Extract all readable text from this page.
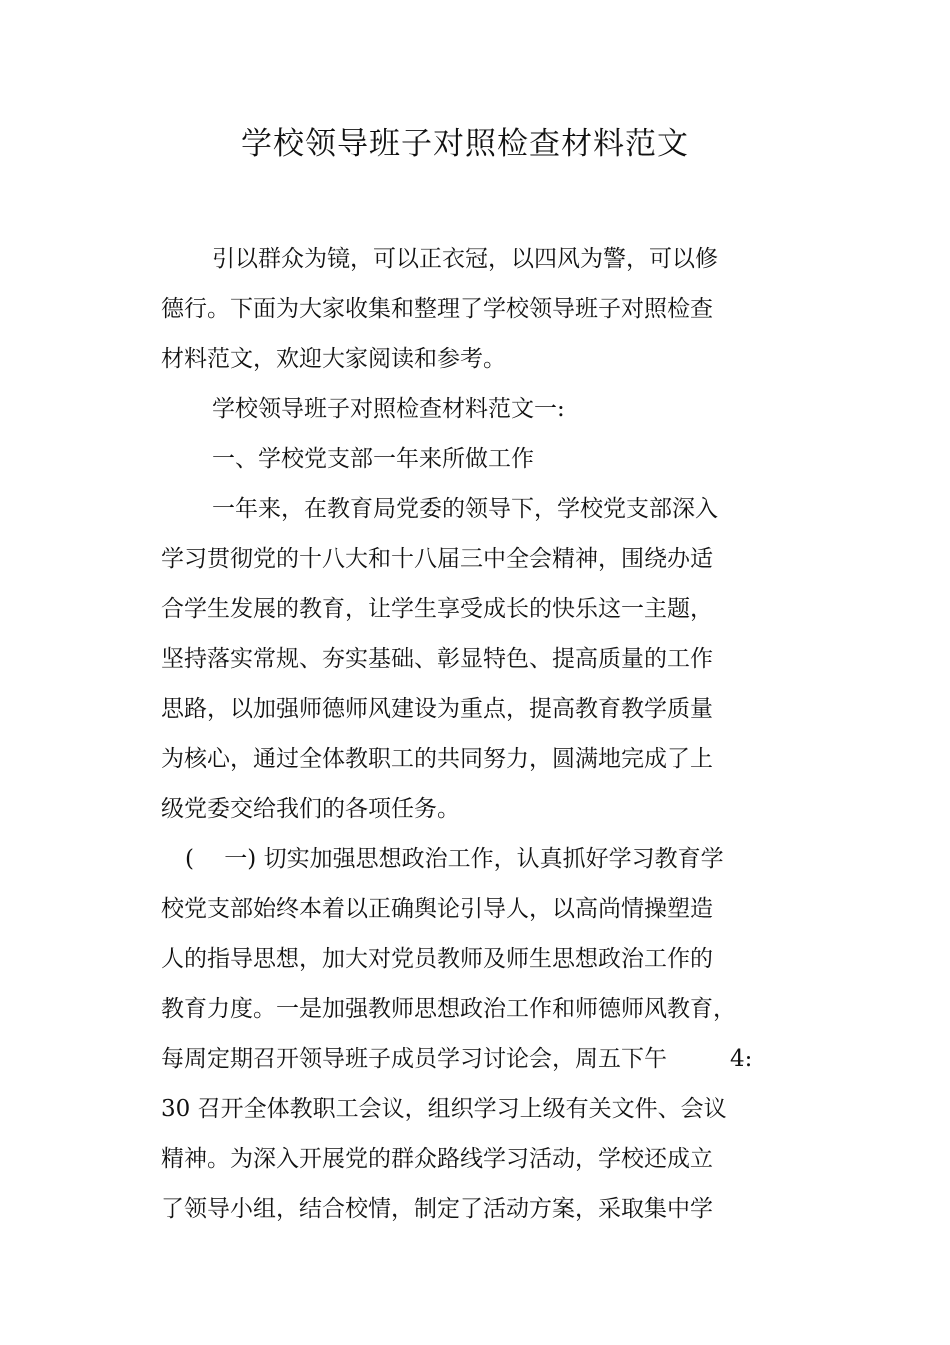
学校领导班子对照检查材料范文

引以群众为镜，可以正衣冠，以四风为警，可以修

德行。下面为大家收集和整理了学校领导班子对照检查

材料范文，欢迎大家阅读和参考。

学校领导班子对照检查材料范文一:

一、学校党支部一年来所做工作

一年来，在教育局党委的领导下，学校党支部深入

学习贯彻党的十八大和十八届三中全会精神，围绕办适

合学生发展的教育，让学生享受成长的快乐这一主题，

坚持落实常规、夯实基础、彰显特色、提高质量的工作

思路，以加强师德师风建设为重点，提高教育教学质量

为核心，通过全体教职工的共同努力，圆满地完成了上

级党委交给我们的各项任务。

(　 一) 切实加强思想政治工作，认真抓好学习教育学

校党支部始终本着以正确舆论引导人，以高尚情操塑造

人的指导思想，加大对党员教师及师生思想政治工作的

教育力度。一是加强教师思想政治工作和师德师风教育，

每周定期召开领导班子成员学习讨论会，周五下午	4:

30 召开全体教职工会议，组织学习上级有关文件、会议

精神。为深入开展党的群众路线学习活动，学校还成立

了领导小组，结合校情，制定了活动方案，采取集中学
